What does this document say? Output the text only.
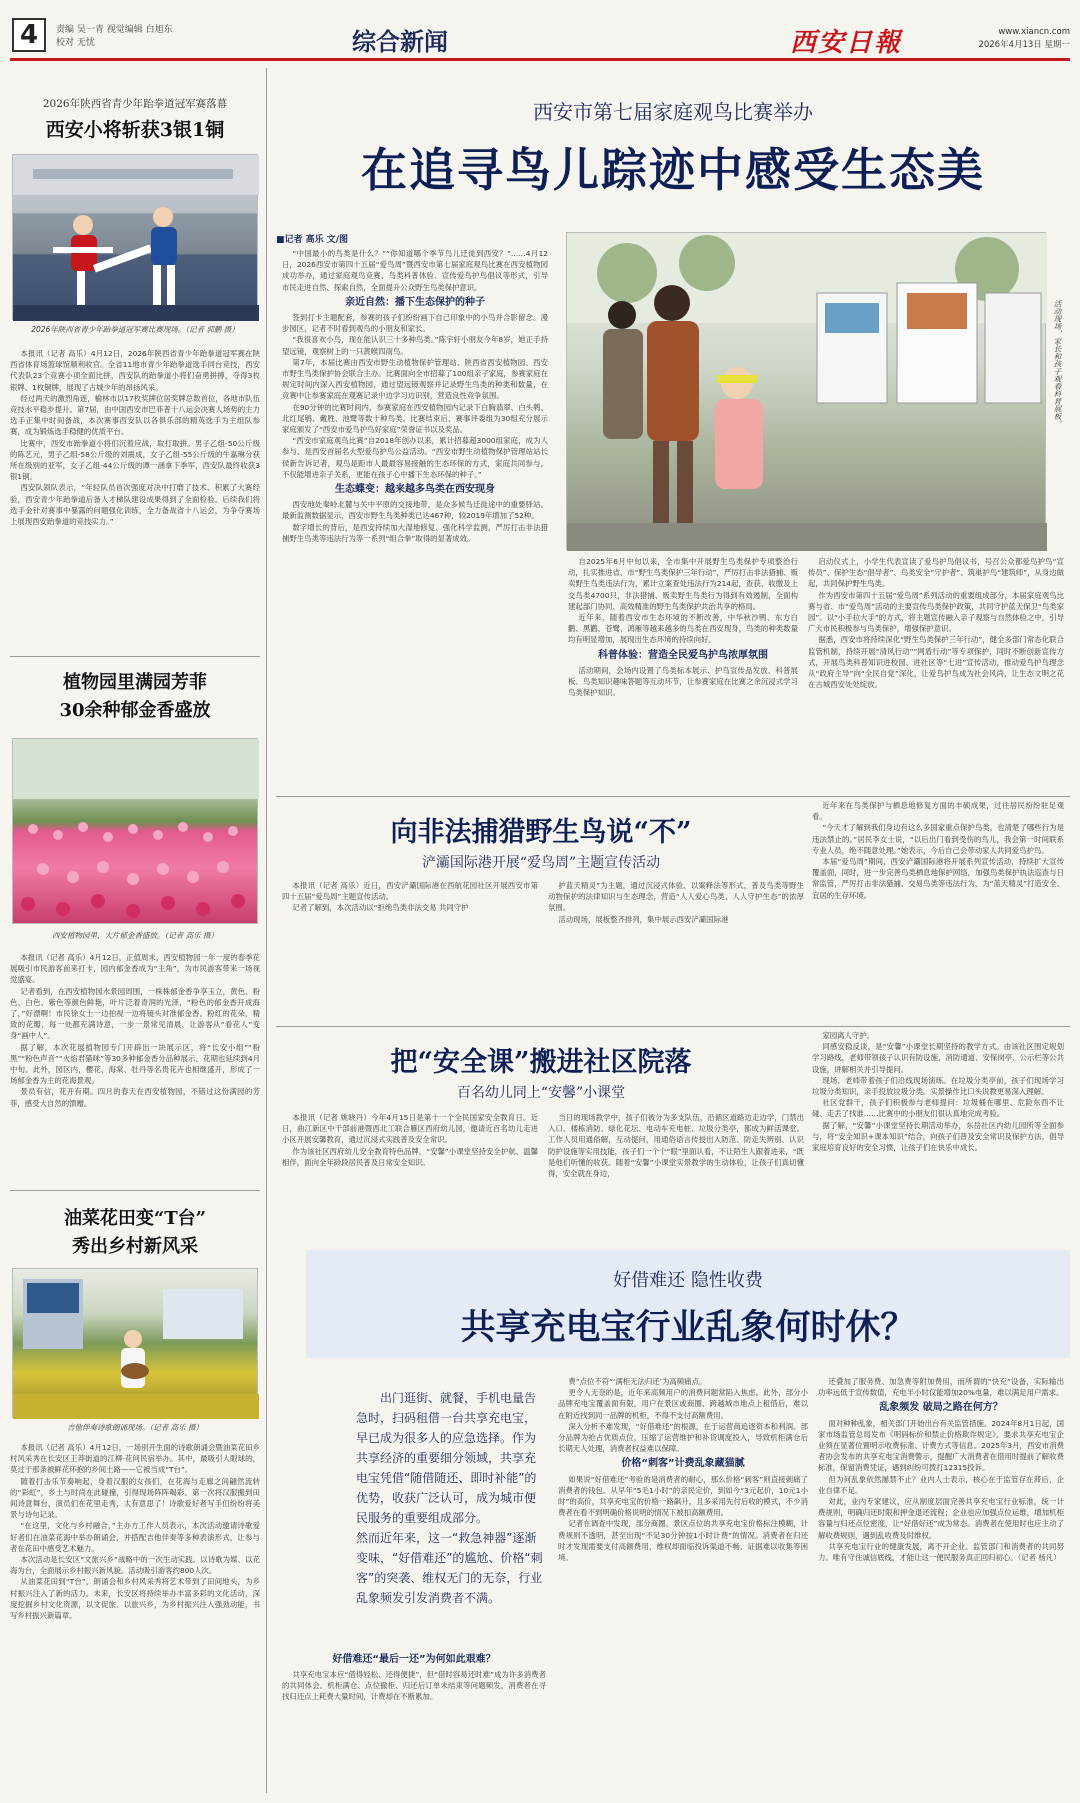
4	责编 吴一青 视觉编辑 白旭东
校对 无忧	综合新闻	西安日報	www.xiancn.com
2026年4月13日 星期一
2026年陕西省青少年跆拳道冠军赛落幕
西安小将斩获3银1铜
2026年陕西省青少年跆拳道冠军赛比赛现场。（记者 郭鹏 摄）

本报讯（记者 高乐）4月12日，2026年陕西省青少年跆拳道冠军赛在陕西省体育场篮球馆顺利收官。全省11地市青少年跆拳道选手同台竞技，西安代表队23个竞赛小项全面比拼，西安队的跆拳道小将们奋勇拼搏，夺得3枚银牌、1枚铜牌，展现了古城少年的昂扬风采。

经过两天的激烈角逐，榆林市以17枚奖牌位居奖牌总数首位，各地市队伍竞技水平稳步提升。第7届，由中国西安市巴菲普十八运会决赛人场势的主力选手正集中时间备战，本次赛事西安队以各俱乐部的精英选手为主组队参赛，成为锻炼选手稳健的优质平台。

比赛中，西安市跆拳道小将们沉着应战，取打取拼。男子乙组-50公斤级的陈艺元，男子乙组-58公斤级的刘震成，女子乙组-55公斤级的牛嘉琳分获所在级别的亚军，女子乙组-44公斤级的谭一涵拿下季军，西安队最终收获3银1铜。

西安队领队表示，“年轻队员首次强度对决中打磨了技术、积累了大赛经验，西安青少年跆拳道后备人才梯队建设成果得到了全面检验。后续我们将选手金针对赛事中暴露的问题强化训练，全力备战省十八运会，为争夺赛场上展现西安跆拳道的竞技实力。”

植物园里满园芳菲
30余种郁金香盛放
西安植物园里，大片郁金香盛放。（记者 高乐 摄）

本报讯（记者 高乐）4月12日，正值周末，西安植物园一年一度的春季花展吸引市民游客前来打卡，园内郁金香成为“主角”，为市民游客带来一场视觉盛宴。

记者看到，在西安植物园水景园周围，一株株郁金香争享玉立，黄色、粉色、白色、紫色等颜色鲜艳，叶片泛着青润的光泽，“粉色的郁金香开成海了，”好漂啊！市民徐女士一边拍视一边将镜头对准郁金香。粉红的花朵，精致的花瓣，每一处都充满诗意，一步一景常见清晨，让游客从“看花人”变身“画中人”。

据了解，本次花展植物园专门开辟出一块展示区，将“长安小组”“粉黑”“粉色声音”“火焰君猫咪”等30多种郁金香分品种展示，花期也延续到4月中旬。此外，园区内，樱花、海棠、牡丹等名贵花卉也相继盛开，形成了一场郁金香为主的花海景观。

景员有信，花开有期。四月的春天在西安植物园，不错过这份满园的芳菲，感受大自然的馈赠。

油菜花田变“T台”
秀出乡村新风采
吉他伴奏诗歌朗诵现场。（记者 高乐 摄）

本报讯（记者 高乐）4月12日，一场别开生面的诗歌朗诵会暨油菜花田乡村风采秀在长安区王莽街道的江柳·花间民宿举办。其中，最吸引人眼球的，莫过于那条被鲜花环抱的乡间土路——它被当成“T台”。

随着打击乐节奏响起，身着汉服的女孩们，在花海与走廊之间翩然流转的“彩虹”，乡土与时尚在此碰撞，引得现场阵阵喝彩。第一次将汉服搬到田间诗意舞台，演员们在花里走秀，太有意思了！诗歌爱好者写手们纷纷将美景与诗句记录。

“在这里，文化与乡村融合，”主办方工作人员表示，本次活动邀请诗歌爱好者们在油菜花海中举办朗诵会，并搭配吉他伴奏等多种表演形式，让参与者在花田中感受艺术魅力。

本次活动是长安区“文旅兴乡”战略中的一次生动实践。以诗歌为媒、以花海为台，全面展示乡村振兴新风貌。活动吸引游客约800人次。

从油菜花田到“T台”，朗诵会和乡村风采秀将艺术带到了田间地头，为乡村振兴注入了新的活力。未来，长安区将持续举办丰富多彩的文化活动，深度挖掘乡村文化资源，以文促旅、以旅兴乡，为乡村振兴注入强劲动能，书写乡村振兴新篇章。

西安市第七届家庭观鸟比赛举办
在追寻鸟儿踪迹中感受生态美
■记者 高乐 文/图

“中国最小的鸟类是什么？”“你知道哪个季节鸟儿迁徙到西安？”……4月12日，2026西安市第四十五届“爱鸟周”暨西安市第七届家庭观鸟比赛在西安植物园成功举办，通过家庭观鸟竞赛、鸟类科普体验、宣传爱鸟护鸟倡议等形式，引导市民走进自然、探索自然，全面提升公众野生鸟类保护意识。

亲近自然：播下生态保护的种子

签到打卡主题配套，参赛的孩子们纷纷画下自己印象中的小鸟并合影留念。漫步园区，记者不时看到观鸟的小朋友和家长。

“我很喜欢小鸟，现在能认识三十多种鸟类。”陈宇轩小朋友今年8岁，她正手持望远镜，观察树上的一只黄喉四雨鸟。

第7年，本届比赛由西安市野生动植物保护管理站、陕西省西安植物园、西安市野生鸟类保护协会联合主办。比赛面向全市招募了100组亲子家庭，参赛家庭在规定时间内深入西安植物园，通过望远镜观察并记录野生鸟类的种类和数量，在竞赛中让参赛家庭在观赛记录中边学习边识别，营造良性竞争氛围。

在90分钟的比赛时间内，参赛家庭在西安植物园内记录下白胸翡翠、白头鹎、北红尾鸲、戴胜、池鹭等数十种鸟类。比赛结束后，赛事评委组为30组充分展示家庭颁发了“西安市爱鸟护鸟好家庭”荣誉证书以及奖品。

“西安市家庭观鸟比赛”自2018年创办以来，累计招募超3000组家庭，成为人参与、是西安首届名大型爱鸟护鸟公益活动。“西安市野生动植物保护管理站站长侯新告诉记者，观鸟是距市人最最容易接触的生态环保的方式，家庭共同参与，不仅能增进亲子关系，更能在孩子心中播下生态环保的种子。”

生态蝶变：越来越多鸟类在西安现身

西安地处秦岭北麓与关中平原的交接地带，是众多候鸟迁徙途中的重要驿站。最新监测数据显示，西安市野生鸟类种类已达467种，较2019年增加了52种。

数字增长的背后，是西安持续加大湿地修复、强化科学监测，严厉打击非法猎捕野生鸟类等违法行为等一系列“组合拳”取得的显著成效。

活动现场，家长和孩子观看科普展板。

自2025年6月中旬以来，全市集中开展野生鸟类保护专项整治行动，扎实推进省、市“野生鸟类保护三年行动”，严厉打击非法猎捕、贩卖野生鸟类违法行为，累计立案查处违法行为214起，查获、收缴及上交鸟类4700只，非法猎捕、贩卖野生鸟类行为得到有效遏制，全面构建起部门协同、高效精准的野生鸟类保护共治共享的格局。

近年来，随着西安市生态环境的不断改善，中华秋沙鸭、东方白鹳、黑鹳、苍鹭、鸿雁等越来越多的鸟类在西安现身，鸟类的种类数量均有明显增加，展现出生态环境的持续向好。

科普体验：营造全民爱鸟护鸟浓厚氛围

活动期间，会场内设置了鸟类标本展示、护鸟宣传品发放、科普展板、鸟类知识趣味答题等互动环节，让参赛家庭在比赛之余沉浸式学习鸟类保护知识。

启动仪式上，小学生代表宣读了爱鸟护鸟倡议书，号召公众都爱鸟护鸟“宣传员”、保护生态“倡导者”、鸟类安全“守护者”、筑巢护鸟“建筑师”，从身边做起，共同保护野生鸟类。

作为西安市第四十五届“爱鸟周”系列活动的重要组成部分，本届家庭观鸟比赛与省、市“爱鸟周”活动的主要宣传鸟类保护政策，共同守护蓝天保卫“鸟类家园”。以“小手拉大手”的方式，将主题宣传融入亲子观察与自然体验之中，引导广大市民积极参与鸟类保护，增强保护意识。

据悉，西安市将持续深化“野生鸟类保护三年行动”，健全多部门常态化联合监管机制，持续开展“清风行动”“网盾行动”等专项保护，同时不断创新宣传方式，开展鸟类科普知识进校园、进社区等“七进”宣传活动，推动爱鸟护鸟理念从“政府主导”向“全民自觉”深化，让爱鸟护鸟成为社会风尚，让生态文明之花在古城西安处处绽放。

向非法捕猎野生鸟说“不”
浐灞国际港开展“爱鸟周”主题宣传活动

本报讯（记者 高乐）近日，西安浐灞国际港在西航花园社区开展西安市第四十五届“爱鸟周”主题宣传活动。

记者了解到，本次活动以“拒绝鸟类非法交易 共同守护

护蓝天精灵”为主题，通过沉浸式体验、以案释法等形式，普及鸟类等野生动物保护的法律知识与生态理念，营造“人人爱心鸟类、人人守护生态”的浓厚氛围。

活动现场，展板整齐排列，集中展示西安浐灞国际港

近年来在鸟类保护与栖息地修复方面的丰硕成果，过往居民纷纷驻足观看。

“今天才了解到我们身边有这么多国家重点保护鸟类，也清楚了哪些行为是违法禁止的。”居民李女士说，“以后出门看到受伤的鸟儿，我会第一时间联系专业人员，绝不随意处理。”她表示，今后自己会带动家人共同爱鸟护鸟。

本届“爱鸟周”期间，西安浐灞国际港将开展系列宣传活动，持续扩大宣传覆盖面，同时，进一步完善鸟类栖息地保护网络，加强鸟类保护执法巡查与日常监管，严厉打击非法猎捕、交易鸟类等违法行为，为“蓝天精灵”打造安全、宜居的生存环境。

把“安全课”搬进社区院落
百名幼儿同上“安馨”小课堂

本报讯（记者 姚晓丹）今年4月15日是第十一个全民国家安全教育日。近日，曲江新区中干部前港暨西北工联合雁区西府幼儿园，邀请近百名幼儿走进小区开展安馨教育，通过沉浸式实践普及安全常识。

作为该社区西府幼儿安全教育特色品牌，“安馨”小课堂坚持安全护航、温馨相伴，面向全年龄段居民普及日常安全知识。

当日的现场教学中，孩子们被分为多支队伍，沿循区道路边走边学，门禁出入口、楼栋消防、绿化花坛、电动车充电桩、垃圾分类亭，都成为鲜活课堂。工作人员用通俗解，互动提问，用通俗语言传授出入防范、防走失辨别、认识防护设施等实用技能，孩子们一个个“眼”里面认看，不让陌生人跟着进来，“既是他们听懂的收获。随着“安馨”小课堂实景教学的生动体验，让孩子们真切懂得，安全就在身边，

家园离人守护。

同感安稳反谈，是“安馨”小课堂长期坚持的教学方式。由该社区围定规划学习路线，老师带领孩子认识有防设施、消防通道、安保岗亭、公示栏等公共设施，讲解相关并引导提问。

现场，老师带着孩子们沿线现场演练。在垃圾分类亭前，孩子们现场学习垃圾分类知识，亲手投放垃圾分类。实景操作比口头说教更易深入理解。

社区党群干，孩子们积极参与老师提问：垃圾桶在哪里、危险东西不让碰、走丢了找谁……比赛中的小朋友们很认真地完成考验。

据了解，“安馨”小课堂坚持长期活动举办，东岳社区内幼儿园所等全面参与，将“安全知识+课本知识”结合，向孩子们普及安全常识及保护方法，倡导家庭培育良好的安全习惯，让孩子们在快乐中成长。

好借难还 隐性收费
共享充电宝行业乱象何时休？
出门逛街、就餐，手机电量告急时，扫码租借一台共享充电宝，早已成为很多人的应急选择。作为共享经济的重要细分领域，共享充电宝凭借“随借随还、即时补能”的优势，收获广泛认可，成为城市便民服务的重要组成部分。
然而近年来，这一“救急神器”逐渐变味，“好借难还”的尴尬、价格“刺客”的突袭、维权无门的无奈，行业乱象频发引发消费者不满。
好借难还“最后一还”为何如此艰难？

共享充电宝本应“借得轻松、还得便捷”，但“借时容易还时难”成为许多消费者的共同体会。机柜满仓、点位撤柜、归还后订单未结束等问题频发，消费者在寻找归还点上耗费大量时间，计费却在不断累加。

费”点位不符“‘满柜无法归还’为高频痛点。

更令人无奈的是，近年来高频用户的消费问题常陷入焦虑。此外，部分小品牌充电宝覆盖面有限，用户在景区或商圈、跨越城市地点上租借后，难以在附近找到同一品牌的机柜，不得不支付高额费用。

深入分析不难发现，“好借难还”的根源，在于运营商追逐资本和利润。部分品牌为抢占优质点位，压缩了运营维护和补货调度投入，导致机柜满仓后长期无人处理，消费者权益难以保障。

价格“刺客”计费乱象藏猫腻

如果说“好借难还”考验的是消费者的耐心，那么价格“刺客”则直接刺痛了消费者的钱包。从早年“5毛1小时”的亲民定价，到如今“3元起价，10元1小时”的高价，共享充电宝的价格一路飙升，且多采用先付后收的模式，不少消费者在看不到明确价格说明的情况下被扣高额费用。

记者在调查中发现，部分商圈、景区点位的共享充电宝价格标注模糊，计费规则不透明，甚至出现“不足30分钟按1小时计费”的情况。消费者在归还时才发现需要支付高额费用，维权却面临投诉渠道不畅、证据难以收集等困境。

还叠加了服务费、加急费等附加费用，而所谓的“快充”设备，实际输出功率远低于宣传数值，充电半小时仅能增加20%电量，难以满足用户需求。

乱象频发 破局之路在何方？

面对种种乱象，相关部门开始出台有关监管措施。2024年8月1日起，国家市场监管总局发布《明码标价和禁止价格欺诈规定》，要求共享充电宝企业须在显著位置明示收费标准、计费方式等信息。2025年3月，西安市消费者协会发布的共享充电宝消费警示，提醒广大消费者在借用时提前了解收费标准，保留消费凭证，遇到纠纷可拨打12315投诉。

但为何乱象依然屡禁不止？业内人士表示，核心在于监管存在滞后，企业自律不足。

对此，业内专家建议，应从制度层面完善共享充电宝行业标准，统一计费规则，明确归还时限和押金退还流程；企业也应加强点位运维，增加机柜容量与归还点位密度，让“好借好还”成为常态。消费者在使用时也应主动了解收费规则，遇到乱收费及时维权。

共享充电宝行业的健康发展，离不开企业、监管部门和消费者的共同努力。唯有守住诚信底线，才能让这一便民服务真正回归初心。（记者 杨凡）
